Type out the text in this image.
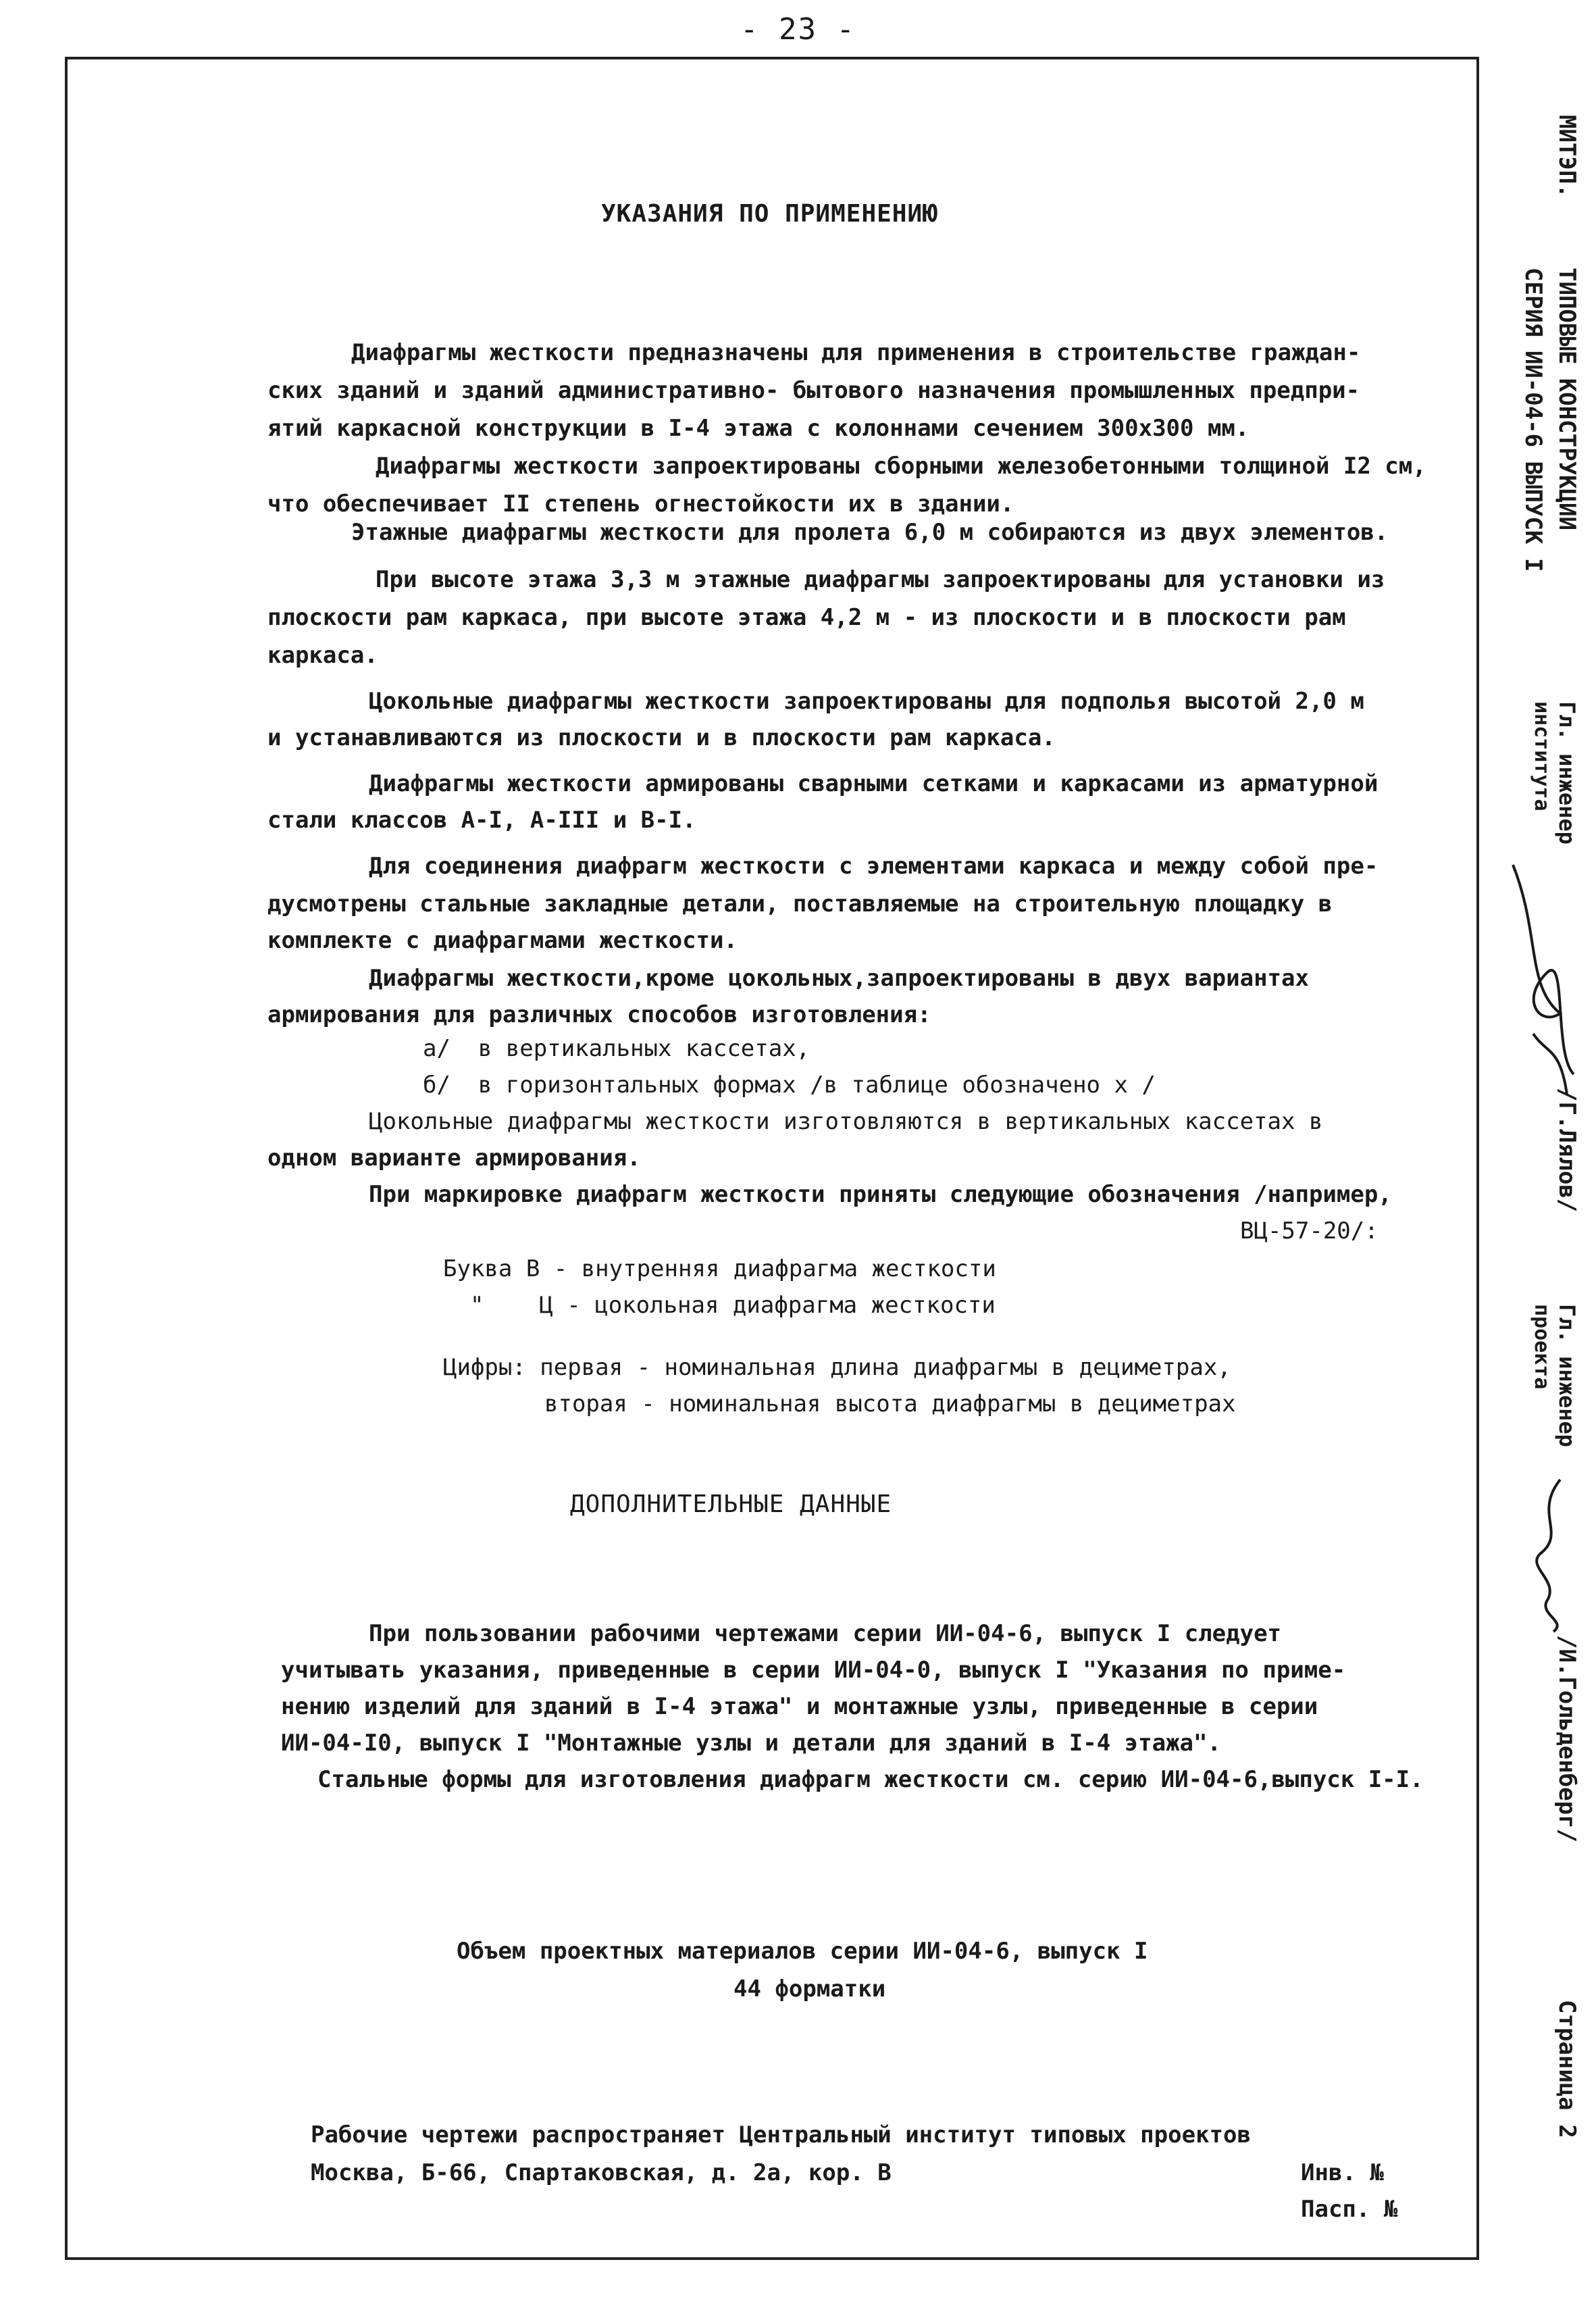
- 23 -
УКАЗАНИЯ ПО ПРИМЕНЕНИЮ
Диафрагмы жесткости предназначены для применения в строительстве граждан-
ских зданий и зданий административно- бытового назначения промышленных предпри-
ятий каркасной конструкции в I-4 этажа с колоннами сечением 300х300 мм.
Диафрагмы жесткости запроектированы сборными железобетонными толщиной I2 см,
что обеспечивает II степень огнестойкости их в здании.
Этажные диафрагмы жесткости для пролета 6,0 м собираются из двух элементов.
При высоте этажа 3,3 м этажные диафрагмы запроектированы для установки из
плоскости рам каркаса, при высоте этажа 4,2 м - из плоскости и в плоскости рам
каркаса.
Цокольные диафрагмы жесткости запроектированы для подполья высотой 2,0 м
и устанавливаются из плоскости и в плоскости рам каркаса.
Диафрагмы жесткости армированы сварными сетками и каркасами из арматурной
стали классов А-I, А-III и В-I.
Для соединения диафрагм жесткости с элементами каркаса и между собой пре-
дусмотрены стальные закладные детали, поставляемые на строительную площадку в
комплекте с диафрагмами жесткости.
Диафрагмы жесткости,кроме цокольных,запроектированы в двух вариантах
армирования для различных способов изготовления:
а/  в вертикальных кассетах,
б/  в горизонтальных формах /в таблице обозначено х /
Цокольные диафрагмы жесткости изготовляются в вертикальных кассетах в
одном варианте армирования.
При маркировке диафрагм жесткости приняты следующие обозначения /например,
ВЦ-57-20/:
Буква В - внутренняя диафрагма жесткости
"    Ц - цокольная диафрагма жесткости
Цифры: первая - номинальная длина диафрагмы в дециметрах,
вторая - номинальная высота диафрагмы в дециметрах
ДОПОЛНИТЕЛЬНЫЕ ДАННЫЕ
При пользовании рабочими чертежами серии ИИ-04-6, выпуск I следует
учитывать указания, приведенные в серии ИИ-04-0, выпуск I "Указания по приме-
нению изделий для зданий в I-4 этажа" и монтажные узлы, приведенные в серии
ИИ-04-I0, выпуск I "Монтажные узлы и детали для зданий в I-4 этажа".
Стальные формы для изготовления диафрагм жесткости см. серию ИИ-04-6,выпуск I-I.
Объем проектных материалов серии ИИ-04-6, выпуск I
44 форматки
Рабочие чертежи распространяет Центральный институт типовых проектов
Москва, Б-66, Спартаковская, д. 2а, кор. В	Инв. №
Пасп. №
МИТЭП.
ТИПОВЫЕ КОНСТРУКЦИИ
СЕРИЯ ИИ-04-6 ВЫПУСК I
Гл. инженер
института
/Г.Лялов/
Гл. инженер
проекта
/И.Гольденберг/
Страница 2
